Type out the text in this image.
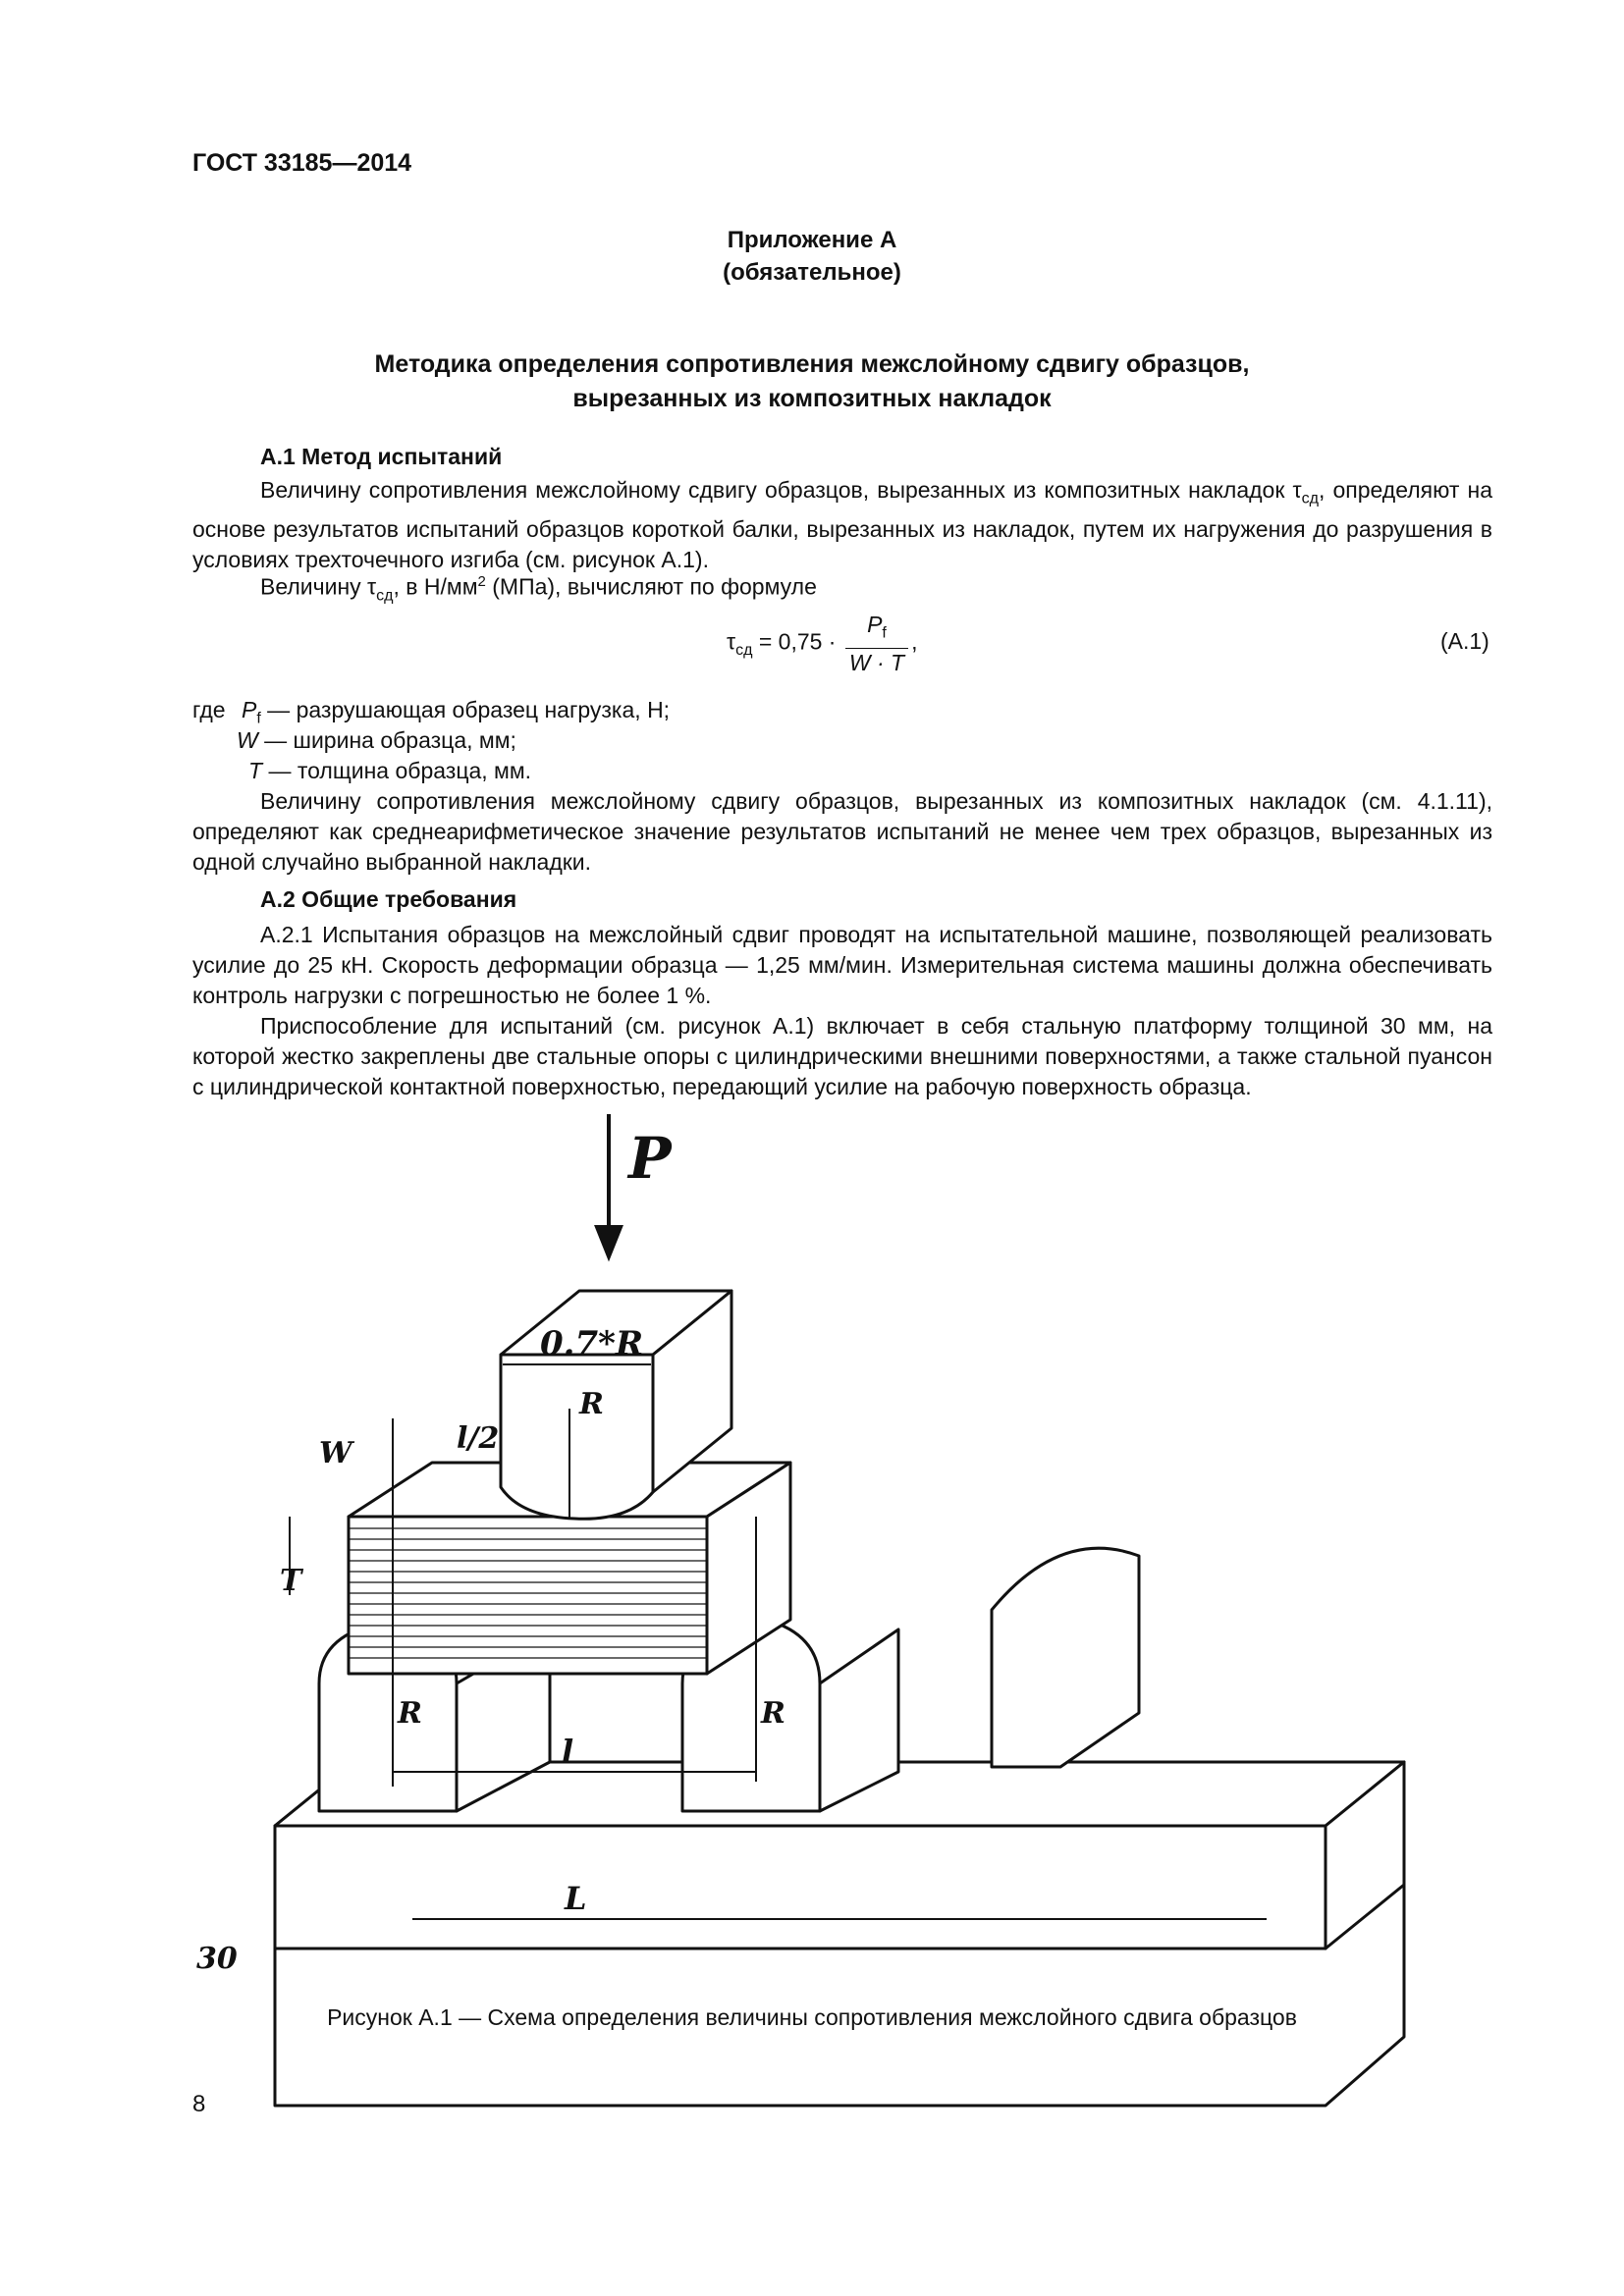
ГОСТ 33185—2014
Приложение А
(обязательное)
Методика определения сопротивления межслойному сдвигу образцов,
вырезанных из композитных накладок
А.1 Метод испытаний

Величину сопротивления межслойному сдвигу образцов, вырезанных из композитных накладок $\tau_{сд}$, определяют на основе результатов испытаний образцов короткой балки, вырезанных из накладок, путем их нагружения до разрушения в условиях трехточечного изгиба (см. рисунок А.1).

Величину $\tau_{сд}$, в $Н/мм^2$ (МПа), вычисляют по формуле
$\tau_{сд} = 0,75 \cdot \frac{P_f}{W \cdot T}$ ,	(А.1)
где $P_f$ — разрушающая образец нагрузка, Н;
W — ширина образца, мм;
T — толщина образца, мм.

Величину сопротивления межслойному сдвигу образцов, вырезанных из композитных накладок (см. 4.1.11), определяют как среднеарифметическое значение результатов испытаний не менее чем трех образцов, вырезанных из одной случайно выбранной накладки.

А.2 Общие требования

А.2.1 Испытания образцов на межслойный сдвиг проводят на испытательной машине, позволяющей реализовать усилие до 25 кН. Скорость деформации образца — 1,25 мм/мин. Измерительная система машины должна обеспечивать контроль нагрузки с погрешностью не более 1 %.

Приспособление для испытаний (см. рисунок А.1) включает в себя стальную платформу толщиной 30 мм, на которой жестко закреплены две стальные опоры с цилиндрическими внешними поверхностями, а также стальной пуансон с цилиндрической контактной поверхностью, передающий усилие на рабочую поверхность образца.

P
0.7*R
R
l/2
W
T
R	R
l
L
30
Рисунок А.1 — Схема определения величины сопротивления межслойного сдвига образцов
8
